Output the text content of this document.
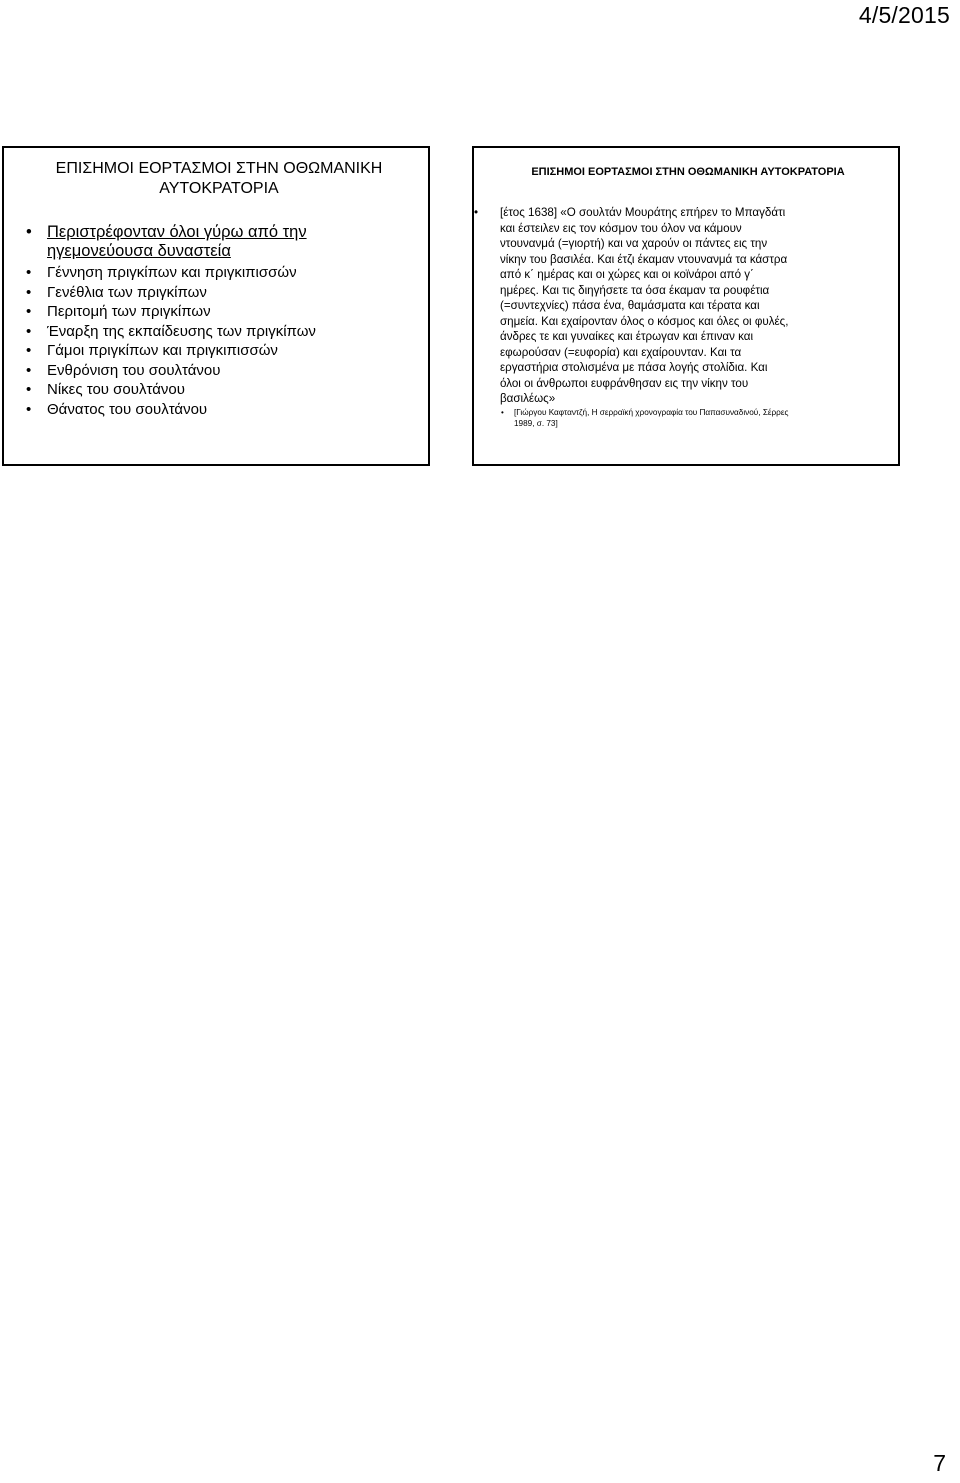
4/5/2015
ΕΠΙΣΗΜΟΙ ΕΟΡΤΑΣΜΟΙ ΣΤΗΝ ΟΘΩΜΑΝΙΚΗ
ΑΥΤΟΚΡΑΤΟΡΙΑ
• Περιστρέφονταν όλοι γύρω από την
ηγεμονεύουσα δυναστεία
• Γέννηση πριγκίπων και πριγκιπισσών
• Γενέθλια των πριγκίπων
• Περιτομή των πριγκίπων
• Έναρξη της εκπαίδευσης των πριγκίπων
• Γάμοι πριγκίπων και πριγκιπισσών
• Ενθρόνιση του σουλτάνου
• Νίκες του σουλτάνου
• Θάνατος του σουλτάνου
ΕΠΙΣΗΜΟΙ ΕΟΡΤΑΣΜΟΙ ΣΤΗΝ ΟΘΩΜΑΝΙΚΗ ΑΥΤΟΚΡΑΤΟΡΙΑ
• [έτος 1638] «Ο σουλτάν Μουράτης επήρεν το Μπαγδάτι
και έστειλεν εις τον κόσμον του όλον να κάμουν
ντουνανμά (=γιορτή) και να χαρούν οι πάντες εις την
νίκην του βασιλέα. Και έτζι έκαμαν ντουνανμά τα κάστρα
από κ΄ ημέρας και οι χώρες και οι κοϊνάροι από γ΄
ημέρες. Και τις διηγήσετε τα όσα έκαμαν τα ρουφέτια
(=συντεχνίες) πάσα ένα, θαμάσματα και τέρατα και
σημεία. Και εχαίρονταν όλος ο κόσμος και όλες οι φυλές,
άνδρες τε και γυναίκες και έτρωγαν και έπιναν και
εφωρούσαν (=ευφορία) και εχαίρουνταν. Και τα
εργαστήρια στολισμένα με πάσα λογής στολίδια. Και
όλοι οι άνθρωποι ευφράνθησαν εις την νίκην του
βασιλέως»
• [Γιώργου Καφταντζή, Η σερραϊκή χρονογραφία του Παπασυναδινού, Σέρρες
1989, σ. 73]
7
